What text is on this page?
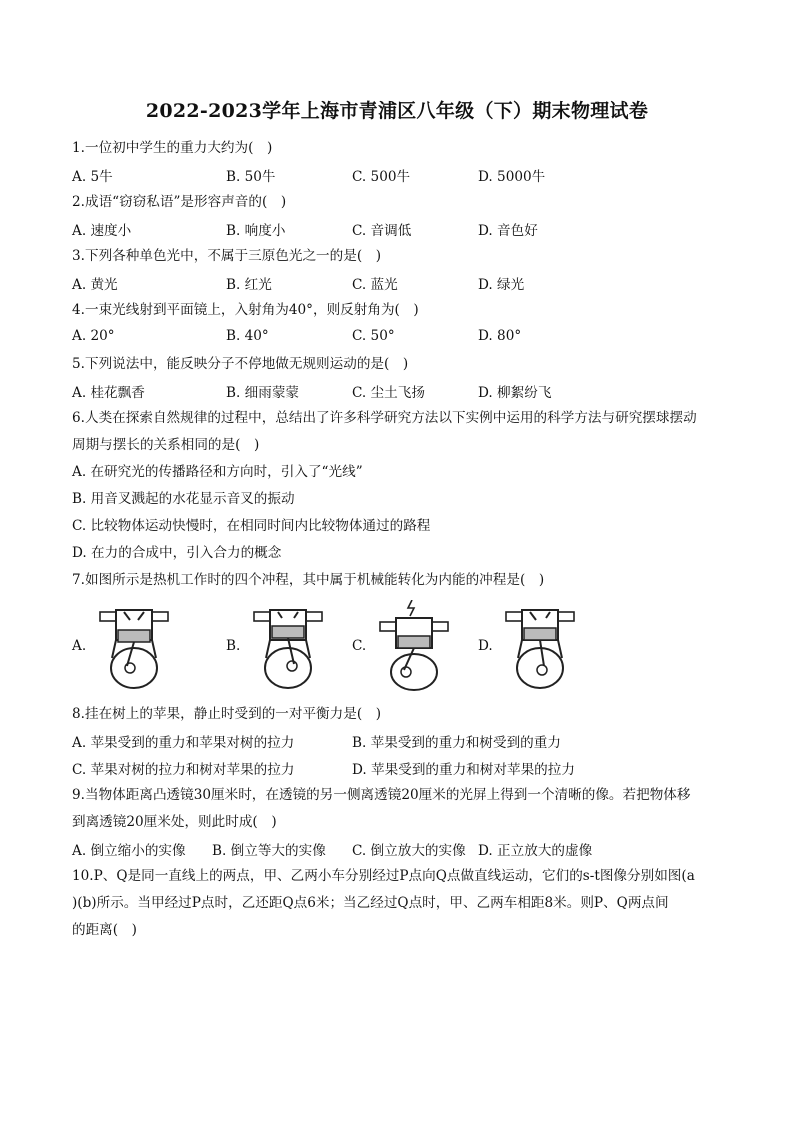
2022-2023学年上海市青浦区八年级（下）期末物理试卷
1.一位初中学生的重力大约为(　)
A. 5牛	B. 50牛	C. 500牛	D. 5000牛
2.成语“窃窃私语”是形容声音的(　)
A. 速度小	B. 响度小	C. 音调低	D. 音色好
3.下列各种单色光中，不属于三原色光之一的是(　)
A. 黄光	B. 红光	C. 蓝光	D. 绿光
4.一束光线射到平面镜上，入射角为40°，则反射角为(　)
A. 20°	B. 40°	C. 50°	D. 80°
5.下列说法中，能反映分子不停地做无规则运动的是(　)
A. 桂花飘香	B. 细雨蒙蒙	C. 尘土飞扬	D. 柳絮纷飞
6.人类在探索自然规律的过程中，总结出了许多科学研究方法以下实例中运用的科学方法与研究摆球摆动
周期与摆长的关系相同的是(　)
A. 在研究光的传播路径和方向时，引入了“光线”
B. 用音叉溅起的水花显示音叉的振动
C. 比较物体运动快慢时，在相同时间内比较物体通过的路程
D. 在力的合成中，引入合力的概念
7.如图所示是热机工作时的四个冲程，其中属于机械能转化为内能的冲程是(　)
A.	B.	C.	D.
8.挂在树上的苹果，静止时受到的一对平衡力是(　)
A. 苹果受到的重力和苹果对树的拉力	B. 苹果受到的重力和树受到的重力
C. 苹果对树的拉力和树对苹果的拉力	D. 苹果受到的重力和树对苹果的拉力
9.当物体距离凸透镜30厘米时，在透镜的另一侧离透镜20厘米的光屏上得到一个清晰的像。若把物体移
到离透镜20厘米处，则此时成(　)
A. 倒立缩小的实像 B. 倒立等大的实像 C. 倒立放大的实像 D. 正立放大的虚像
10.P、Q是同一直线上的两点，甲、乙两小车分别经过P点向Q点做直线运动，它们的s-t图像分别如图(a
)(b)所示。当甲经过P点时，乙还距Q点6米；当乙经过Q点时，甲、乙两车相距8米。则P、Q两点间
的距离(　)
